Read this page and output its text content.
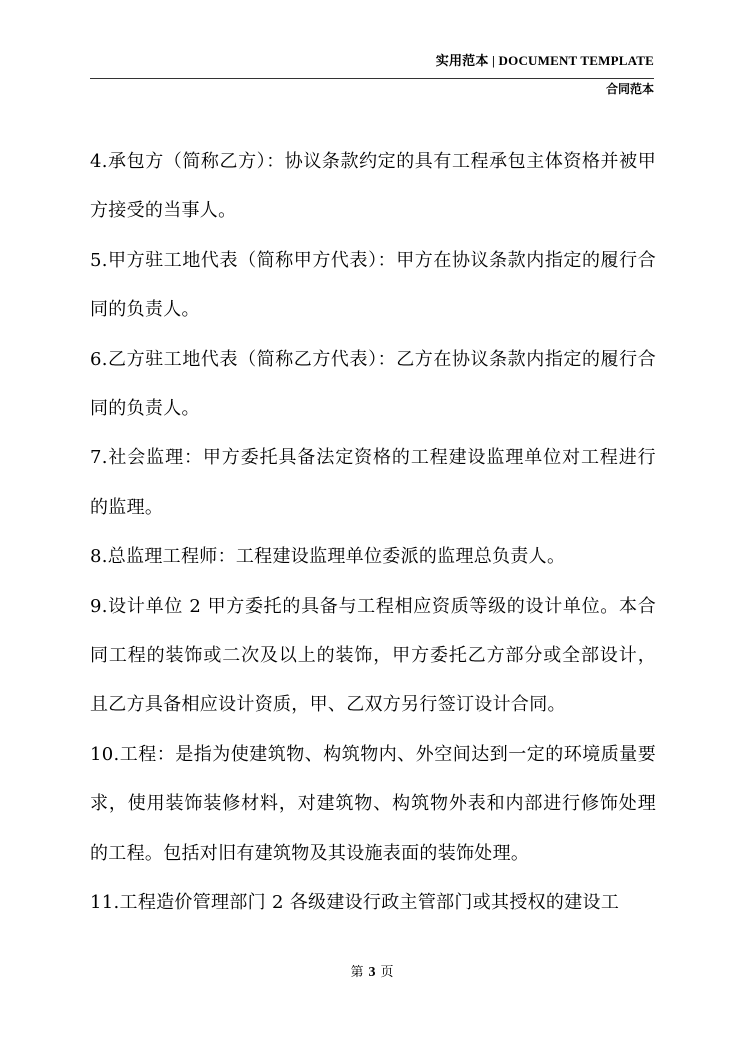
实用范本 | DOCUMENT TEMPLATE
合同范本

4.承包方（简称乙方）：协议条款约定的具有工程承包主体资格并被甲方接受的当事人。

5.甲方驻工地代表（简称甲方代表）：甲方在协议条款内指定的履行合同的负责人。

6.乙方驻工地代表（简称乙方代表）：乙方在协议条款内指定的履行合同的负责人。

7.社会监理：甲方委托具备法定资格的工程建设监理单位对工程进行的监理。

8.总监理工程师：工程建设监理单位委派的监理总负责人。

9.设计单位 2 甲方委托的具备与工程相应资质等级的设计单位。本合同工程的装饰或二次及以上的装饰，甲方委托乙方部分或全部设计，且乙方具备相应设计资质，甲、乙双方另行签订设计合同。

10.工程：是指为使建筑物、构筑物内、外空间达到一定的环境质量要求，使用装饰装修材料，对建筑物、构筑物外表和内部进行修饰处理的工程。包括对旧有建筑物及其设施表面的装饰处理。

11.工程造价管理部门 2 各级建设行政主管部门或其授权的建设工

第 3 页
